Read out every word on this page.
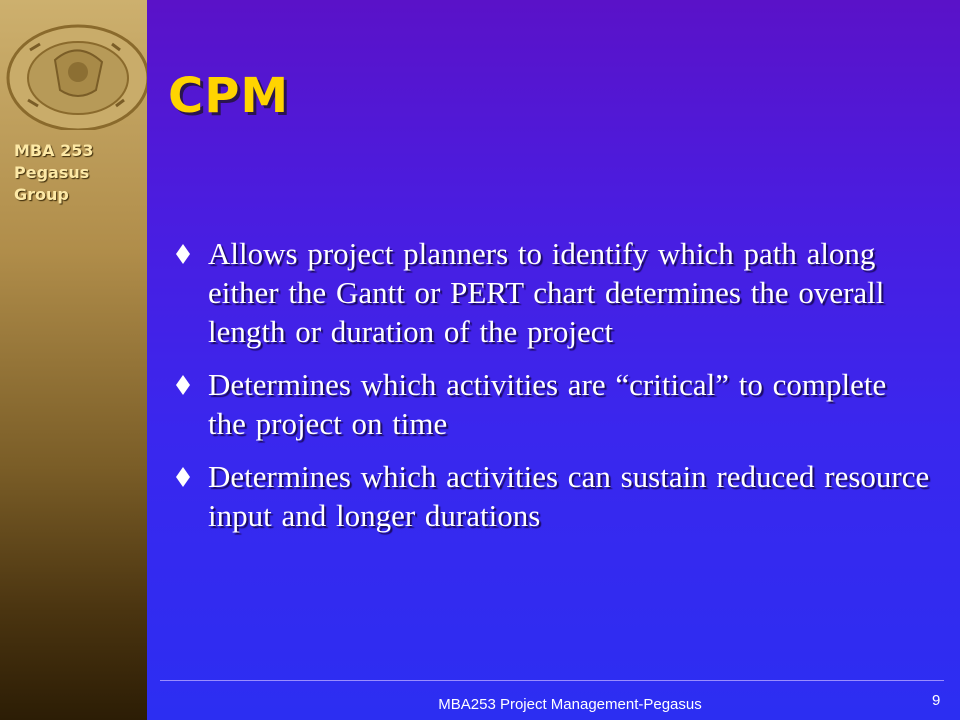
MBA 253
Pegasus
Group
CPM
Allows project planners to identify which path along either the Gantt or PERT chart determines the overall length or duration of the project
Determines which activities are “critical” to complete the project on time
Determines which activities can sustain reduced resource input and longer durations
MBA253 Project Management-Pegasus	9
